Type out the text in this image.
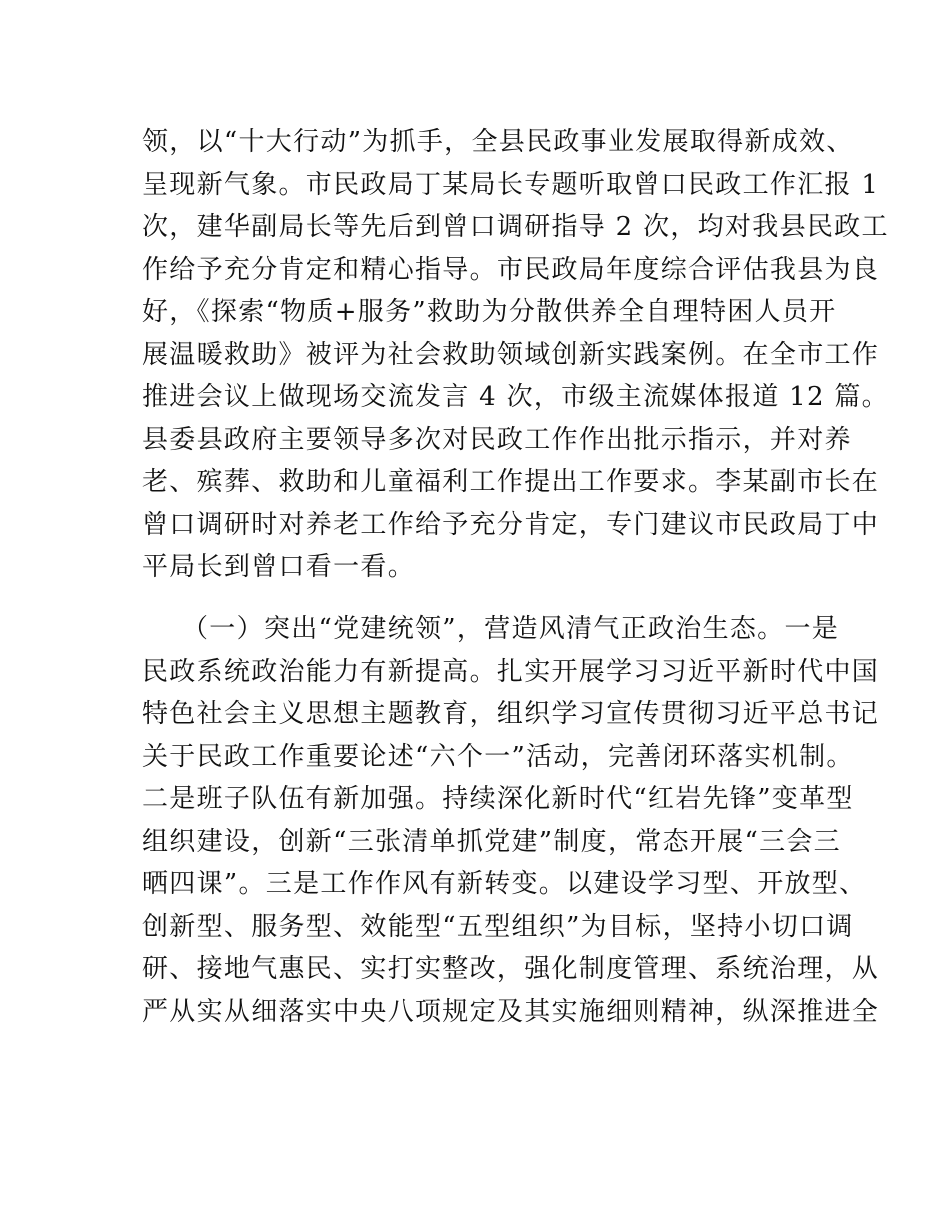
领，以“十大行动”为抓手，全县民政事业发展取得新成效、
呈现新气象。市民政局丁某局长专题听取曾口民政工作汇报 1
次，建华副局长等先后到曾口调研指导 2 次，均对我县民政工
作给予充分肯定和精心指导。市民政局年度综合评估我县为良
好，《探索“物质+服务”救助为分散供养全自理特困人员开
展温暖救助》被评为社会救助领域创新实践案例。在全市工作
推进会议上做现场交流发言 4 次，市级主流媒体报道 12 篇。
县委县政府主要领导多次对民政工作作出批示指示，并对养
老、殡葬、救助和儿童福利工作提出工作要求。李某副市长在
曾口调研时对养老工作给予充分肯定，专门建议市民政局丁中
平局长到曾口看一看。
（一）突出“党建统领”，营造风清气正政治生态。一是
民政系统政治能力有新提高。扎实开展学习习近平新时代中国
特色社会主义思想主题教育，组织学习宣传贯彻习近平总书记
关于民政工作重要论述“六个一”活动，完善闭环落实机制。
二是班子队伍有新加强。持续深化新时代“红岩先锋”变革型
组织建设，创新“三张清单抓党建”制度，常态开展“三会三
晒四课”。三是工作作风有新转变。以建设学习型、开放型、
创新型、服务型、效能型“五型组织”为目标，坚持小切口调
研、接地气惠民、实打实整改，强化制度管理、系统治理，从
严从实从细落实中央八项规定及其实施细则精神，纵深推进全
